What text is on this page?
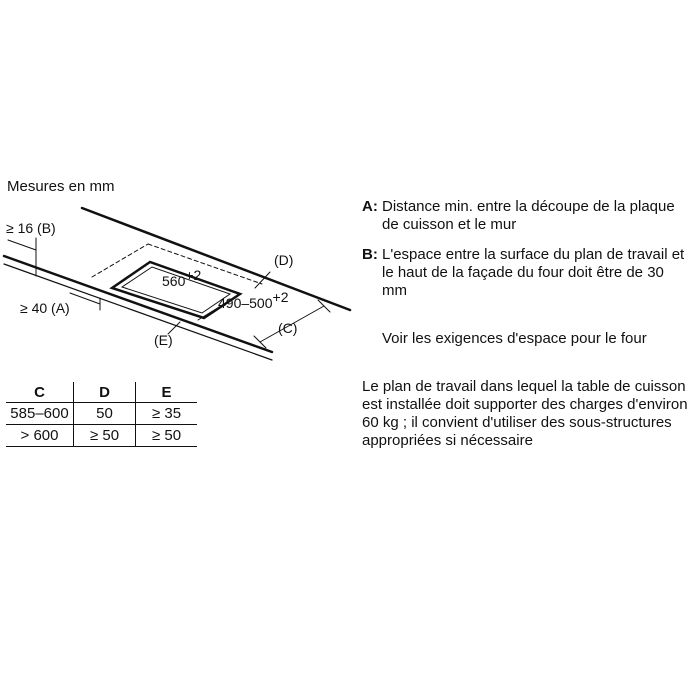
Mesures en mm
≥ 16 (B)
≥ 40 (A)
560+2
490–500+2
(D)
(E)
(C)
C	D	E
585–600	50	≥ 35
> 600	≥ 50	≥ 50
A: Distance min. entre la découpe de la plaque de cuisson et le mur
B: L'espace entre la surface du plan de travail et le haut de la façade du four doit être de 30 mm
Voir les exigences d'espace pour le four
Le plan de travail dans lequel la table de cuisson est installée doit supporter des charges d'environ 60 kg ; il convient d'utiliser des sous-structures appropriées si nécessaire
